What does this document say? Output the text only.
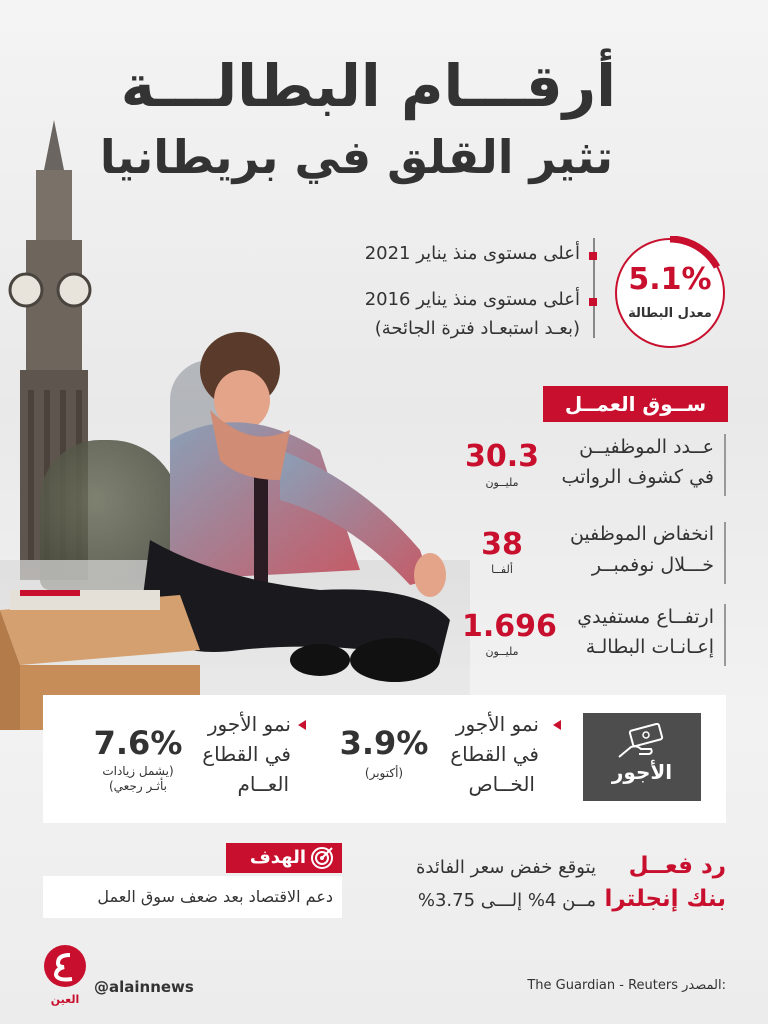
أرقـــام البطالـــة
تثير القلق في بريطانيا
5.1%
معدل البطالة
أعلى مستوى منذ يناير 2021
أعلى مستوى منذ يناير 2016
(بعـد استبعـاد فترة الجائحة)
ســوق العمــل
عــدد الموظفيــن
في كشوف الرواتب
30.3
مليــون
انخفاض الموظفين
خـــلال نوفمبــر
38
ألفــا
ارتفــاع مستفيدي
إعـانـات البطالـة
1.696
مليــون
الأجور
نمو الأجور
في القطاع
الخــاص
3.9%
(أكتوبر)
نمو الأجور
في القطاع
العــام
7.6%
(يشمل زيادات
بأثـر رجعي)
الهدف
دعم الاقتصاد بعد ضعف سوق العمل
رد فعــل
بنك إنجلترا
يتوقع خفض سعر الفائدة
مــن 4% إلـــى 3.75%
The Guardian - Reuters المصدر:
@alainnews
العين
